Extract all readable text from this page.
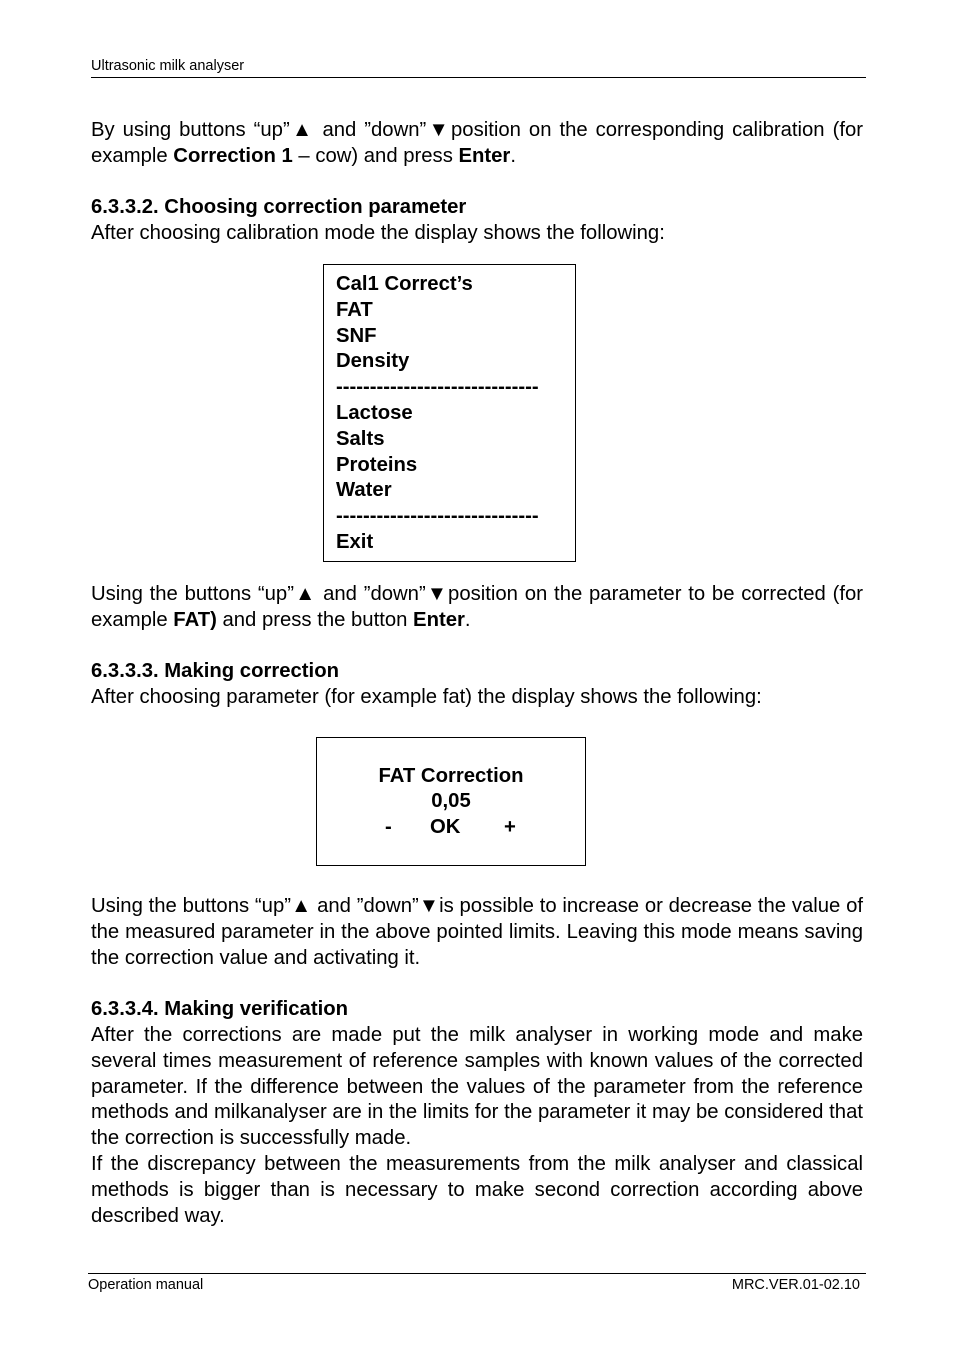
Ultrasonic milk analyser

By using buttons “up”▲ and ”down”▼position on the corresponding calibration (for example Correction 1 – cow) and press Enter.

6.3.3.2. Choosing correction parameter

After choosing calibration mode the display shows the following:

Cal1 Correct’s
FAT
SNF
Density
------------------------------
Lactose
Salts
Proteins
Water
------------------------------
Exit

Using the buttons “up”▲ and ”down”▼position on the parameter to be corrected (for example FAT) and press the button Enter.

6.3.3.3. Making correction

After choosing parameter (for example fat) the display shows the following:

FAT Correction
0,05
- OK +

Using the buttons “up”▲ and ”down”▼is possible to increase or decrease the value of the measured parameter in the above pointed limits. Leaving this mode means saving the correction value and activating it.

6.3.3.4. Making verification

After the corrections are made put the milk analyser in working mode and make several times measurement of reference samples with known values of the corrected parameter. If the difference between the values of the parameter from the reference methods and milkanalyser are in the limits for the parameter it may be considered that the correction is successfully made.

If the discrepancy between the measurements from the milk analyser and classical methods is bigger than is necessary to make second correction according above described way.

Operation manual	MRC.VER.01-02.10
